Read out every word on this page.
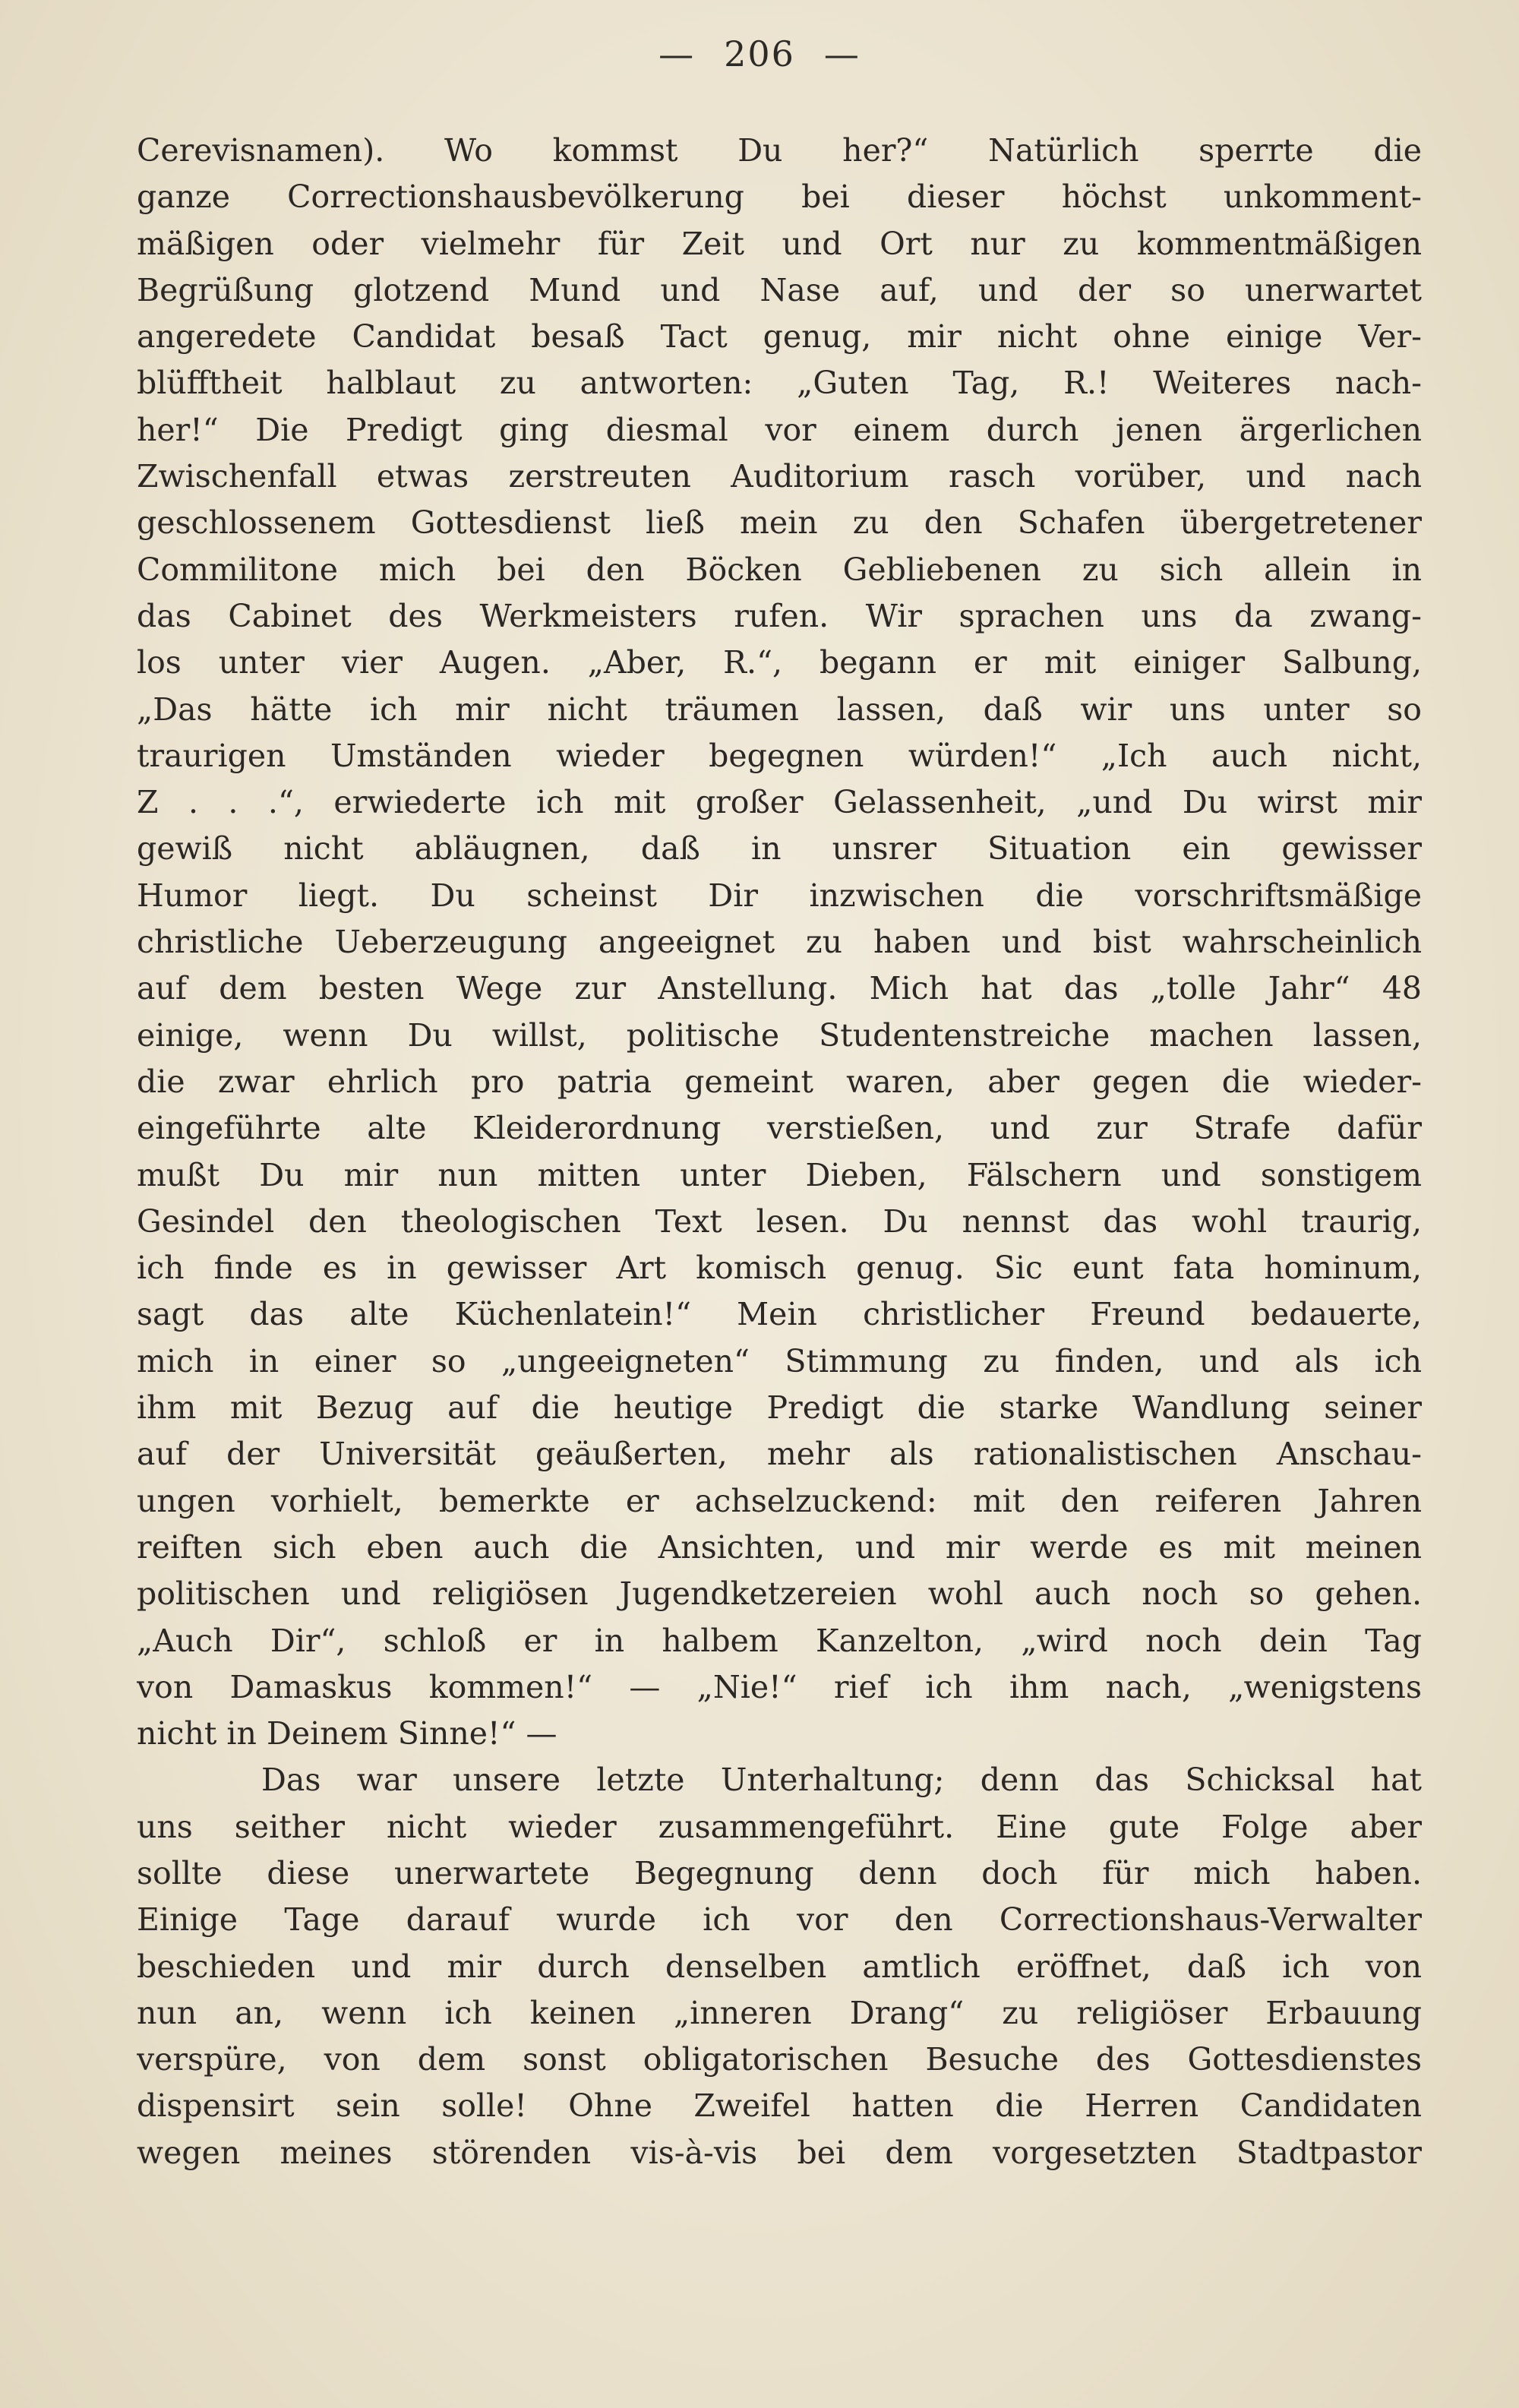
— 206 —
Cerevisnamen). Wo kommst Du her?“ Natürlich sperrte die
ganze Correctionshausbevölkerung bei dieser höchst unkomment-
mäßigen oder vielmehr für Zeit und Ort nur zu kommentmäßigen
Begrüßung glotzend Mund und Nase auf, und der so unerwartet
angeredete Candidat besaß Tact genug, mir nicht ohne einige Ver-
blüfftheit halblaut zu antworten: „Guten Tag, R.! Weiteres nach-
her!“ Die Predigt ging diesmal vor einem durch jenen ärgerlichen
Zwischenfall etwas zerstreuten Auditorium rasch vorüber, und nach
geschlossenem Gottesdienst ließ mein zu den Schafen übergetretener
Commilitone mich bei den Böcken Gebliebenen zu sich allein in
das Cabinet des Werkmeisters rufen. Wir sprachen uns da zwang-
los unter vier Augen. „Aber, R.“, begann er mit einiger Salbung,
„Das hätte ich mir nicht träumen lassen, daß wir uns unter so
traurigen Umständen wieder begegnen würden!“ „Ich auch nicht,
Z . . .“, erwiederte ich mit großer Gelassenheit, „und Du wirst mir
gewiß nicht abläugnen, daß in unsrer Situation ein gewisser
Humor liegt. Du scheinst Dir inzwischen die vorschriftsmäßige
christliche Ueberzeugung angeeignet zu haben und bist wahrscheinlich
auf dem besten Wege zur Anstellung. Mich hat das „tolle Jahr“ 48
einige, wenn Du willst, politische Studentenstreiche machen lassen,
die zwar ehrlich pro patria gemeint waren, aber gegen die wieder-
eingeführte alte Kleiderordnung verstießen, und zur Strafe dafür
mußt Du mir nun mitten unter Dieben, Fälschern und sonstigem
Gesindel den theologischen Text lesen. Du nennst das wohl traurig,
ich finde es in gewisser Art komisch genug. Sic eunt fata hominum,
sagt das alte Küchenlatein!“ Mein christlicher Freund bedauerte,
mich in einer so „ungeeigneten“ Stimmung zu finden, und als ich
ihm mit Bezug auf die heutige Predigt die starke Wandlung seiner
auf der Universität geäußerten, mehr als rationalistischen Anschau-
ungen vorhielt, bemerkte er achselzuckend: mit den reiferen Jahren
reiften sich eben auch die Ansichten, und mir werde es mit meinen
politischen und religiösen Jugendketzereien wohl auch noch so gehen.
„Auch Dir“, schloß er in halbem Kanzelton, „wird noch dein Tag
von Damaskus kommen!“ — „Nie!“ rief ich ihm nach, „wenigstens
nicht in Deinem Sinne!“ —
Das war unsere letzte Unterhaltung; denn das Schicksal hat
uns seither nicht wieder zusammengeführt. Eine gute Folge aber
sollte diese unerwartete Begegnung denn doch für mich haben.
Einige Tage darauf wurde ich vor den Correctionshaus-Verwalter
beschieden und mir durch denselben amtlich eröffnet, daß ich von
nun an, wenn ich keinen „inneren Drang“ zu religiöser Erbauung
verspüre, von dem sonst obligatorischen Besuche des Gottesdienstes
dispensirt sein solle! Ohne Zweifel hatten die Herren Candidaten
wegen meines störenden vis-à-vis bei dem vorgesetzten Stadtpastor
